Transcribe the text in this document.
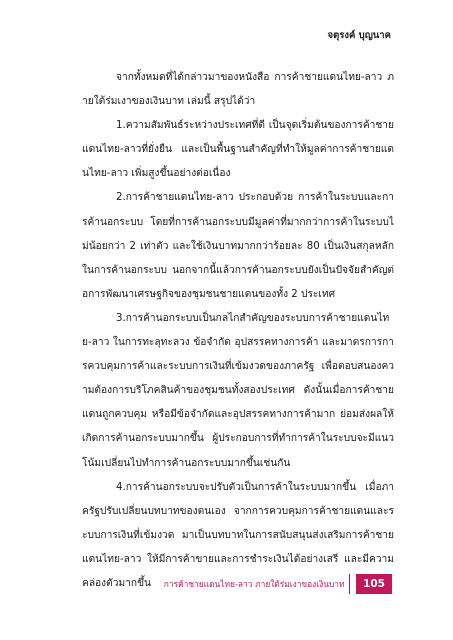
จตุรงค์ บุญนาค

จากทั้งหมดที่ได้กล่าวมาของหนังสือ การค้าชายแดนไทย-ลาว ภายใต้ร่มเงาของเงินบาท เล่มนี้ สรุปได้ว่า

1.ความสัมพันธ์ระหว่างประเทศที่ดี เป็นจุดเริ่มต้นของการค้าชายแดนไทย-ลาวที่ยั่งยืน และเป็นพื้นฐานสำคัญที่ทำให้มูลค่าการค้าชายแดนไทย-ลาว เพิ่มสูงขึ้นอย่างต่อเนื่อง

2.การค้าชายแดนไทย-ลาว ประกอบด้วย การค้าในระบบและการค้านอกระบบ โดยที่การค้านอกระบบมีมูลค่าที่มากกว่าการค้าในระบบไม่น้อยกว่า 2 เท่าตัว และใช้เงินบาทมากกว่าร้อยละ 80 เป็นเงินสกุลหลักในการค้านอกระบบ นอกจากนี้แล้วการค้านอกระบบยังเป็นปัจจัยสำคัญต่อการพัฒนาเศรษฐกิจของชุมชนชายแดนของทั้ง 2 ประเทศ

3.การค้านอกระบบเป็นกลไกสำคัญของระบบการค้าชายแดนไทย-ลาว ในการทะลุทะลวง ข้อจำกัด อุปสรรคทางการค้า และมาตรการการควบคุมการค้าและระบบการเงินที่เข้มงวดของภาครัฐ เพื่อตอบสนองความต้องการบริโภคสินค้าของชุมชนทั้งสองประเทศ ดังนั้นเมื่อการค้าชายแดนถูกควบคุม หรือมีข้อจำกัดและอุปสรรคทางการค้ามาก ย่อมส่งผลให้เกิดการค้านอกระบบมากขึ้น ผู้ประกอบการที่ทำการค้าในระบบจะมีแนวโน้มเปลี่ยนไปทำการค้านอกระบบมากขึ้นเช่นกัน

4.การค้านอกระบบจะปรับตัวเป็นการค้าในระบบมากขึ้น เมื่อภาครัฐปรับเปลี่ยนบทบาทของตนเอง จากการควบคุมการค้าชายแดนและระบบการเงินที่เข้มงวด มาเป็นบทบาทในการสนับสนุนส่งเสริมการค้าชายแดนไทย-ลาว ให้มีการค้าขายและการชำระเงินได้อย่างเสรี และมีความคล่องตัวมากขึ้น	การค้าชายแดนไทย-ลาว ภายใต้ร่มเงาของเงินบาท	105
